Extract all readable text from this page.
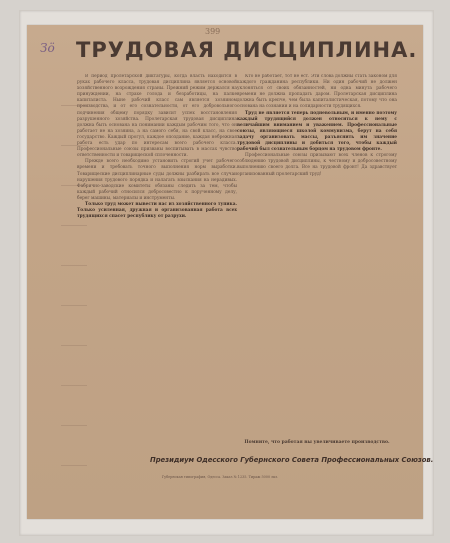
Зӧ
399
ТРУДОВАЯ ДИСЦИПЛИНА.

В период пролетарской диктатуры, когда власть находится в руках рабочего класса, трудовая дисциплина является основой хозяйственного возрождения страны. Прежний режим держался на принуждении, на страхе голода и безработицы, на палке капиталиста. Ныне рабочий класс сам является хозяином производства, и от его сознательности, от его добровольного подчинения общему порядку зависит успех восстановления разрушенного хозяйства. Пролетарская трудовая дисциплина должна быть основана на понимании каждым рабочим того, что он работает не на хозяина, а на самого себя, на свой класс, на свое государство. Каждый прогул, каждое опоздание, каждая небрежная работа есть удар по интересам всего рабочего класса. Профессиональные союзы призваны воспитывать в массах чувство ответственности и товарищеской сплоченности.

Прежде всего необходимо установить строгий учет рабочего времени и требовать точного выполнения норм выработки. Товарищеские дисциплинарные суды должны разбирать все случаи нарушения трудового порядка и налагать взыскания на нерадивых. Фабрично-заводские комитеты обязаны следить за тем, чтобы каждый рабочий относился добросовестно к порученному делу, берег машины, материалы и инструменты.

Только труд может вывести нас из хозяйственного тупика. Только усиленная, дружная и организованная работа всех трудящихся спасет республику от разрухи.

Кто не работает, тот не ест. Эти слова должны стать законом для каждого гражданина республики. Ни один рабочий не должен уклоняться от своих обязанностей, ни одна минута рабочего времени не должна пропадать даром. Пролетарская дисциплина должна быть крепче, чем была капиталистическая, потому что она основана на сознании и на солидарности трудящихся.

Труд не является теперь подневольным, и именно поэтому каждый трудящийся должен относиться к нему с величайшим вниманием и уважением. Профессиональные союзы, являющиеся школой коммунизма, берут на себя задачу организовать массы, разъяснить им значение трудовой дисциплины и добиться того, чтобы каждый рабочий был сознательным борцом на трудовом фронте.

Профессиональные союзы призывают всех членов к строгому соблюдению трудовой дисциплины, к честному и добросовестному выполнению своего долга. Все на трудовой фронт! Да здравствует организованный пролетарский труд!

Помните, что работая вы увеличиваете производство.
Президиум Одесского Губернского Совета Профессиональных Союзов.
Губернская типография, Одесса. Заказ № 1235. Тираж 5000 экз.
